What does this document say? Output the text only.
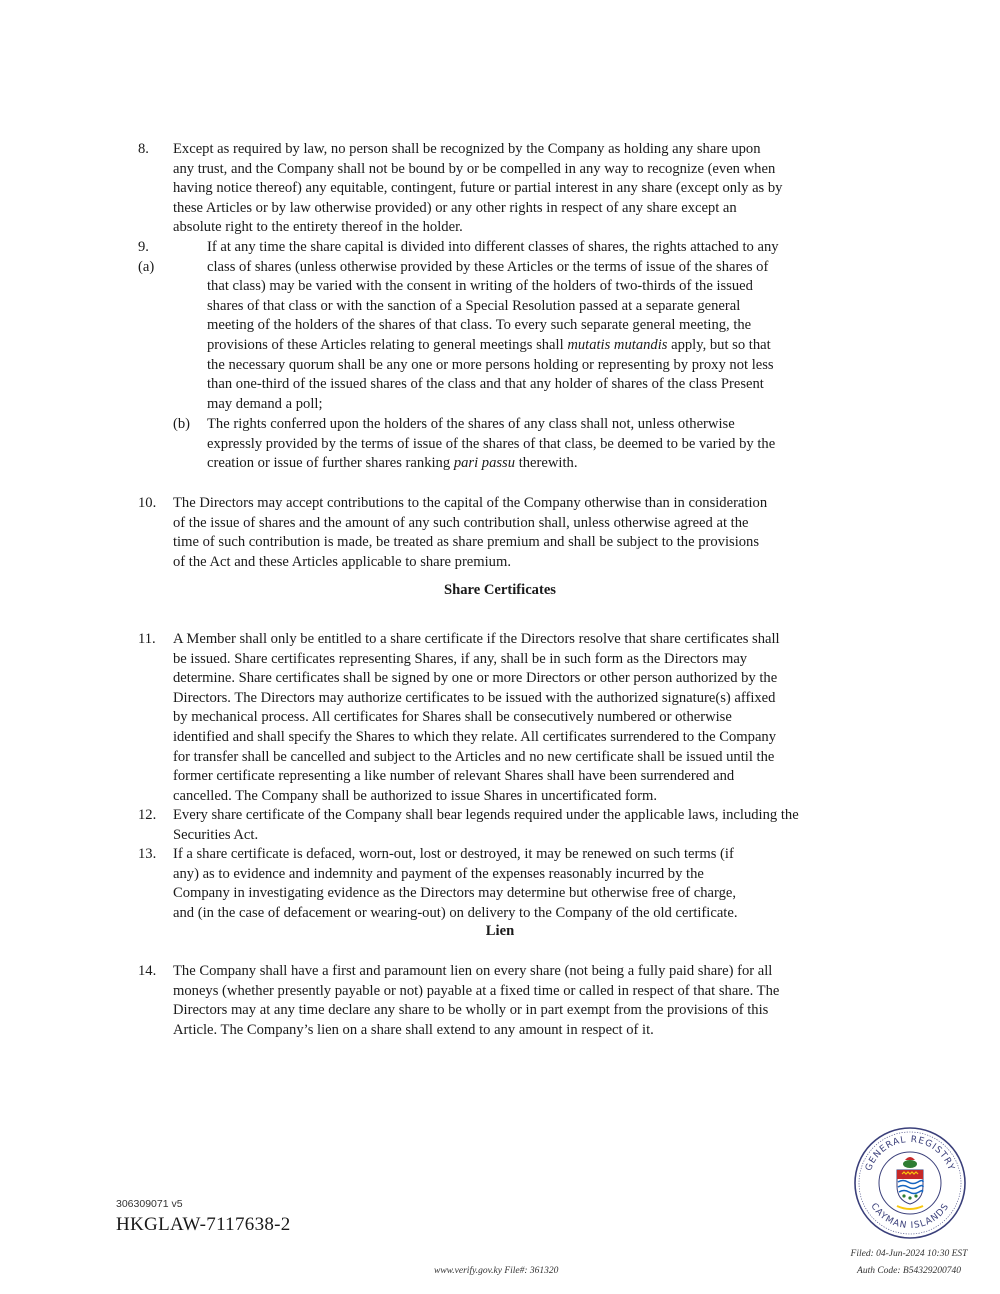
8. Except as required by law, no person shall be recognized by the Company as holding any share upon
any trust, and the Company shall not be bound by or be compelled in any way to recognize (even when
having notice thereof) any equitable, contingent, future or partial interest in any share (except only as by
these Articles or by law otherwise provided) or any other rights in respect of any share except an
absolute right to the entirety thereof in the holder.
9. (a)
If at any time the share capital is divided into different classes of shares, the rights attached to any
class of shares (unless otherwise provided by these Articles or the terms of issue of the shares of
that class) may be varied with the consent in writing of the holders of two-thirds of the issued
shares of that class or with the sanction of a Special Resolution passed at a separate general
meeting of the holders of the shares of that class. To every such separate general meeting, the
provisions of these Articles relating to general meetings shall mutatis mutandis apply, but so that
the necessary quorum shall be any one or more persons holding or representing by proxy not less
than one-third of the issued shares of the class and that any holder of shares of the class Present
may demand a poll;
(b) The rights conferred upon the holders of the shares of any class shall not, unless otherwise
expressly provided by the terms of issue of the shares of that class, be deemed to be varied by the
creation or issue of further shares ranking pari passu therewith.
10. The Directors may accept contributions to the capital of the Company otherwise than in consideration
of the issue of shares and the amount of any such contribution shall, unless otherwise agreed at the
time of such contribution is made, be treated as share premium and shall be subject to the provisions
of the Act and these Articles applicable to share premium.
Share Certificates
11. A Member shall only be entitled to a share certificate if the Directors resolve that share certificates shall
be issued. Share certificates representing Shares, if any, shall be in such form as the Directors may
determine. Share certificates shall be signed by one or more Directors or other person authorized by the
Directors. The Directors may authorize certificates to be issued with the authorized signature(s) affixed
by mechanical process. All certificates for Shares shall be consecutively numbered or otherwise
identified and shall specify the Shares to which they relate. All certificates surrendered to the Company
for transfer shall be cancelled and subject to the Articles and no new certificate shall be issued until the
former certificate representing a like number of relevant Shares shall have been surrendered and
cancelled. The Company shall be authorized to issue Shares in uncertificated form.
12. Every share certificate of the Company shall bear legends required under the applicable laws, including the
Securities Act.
13. If a share certificate is defaced, worn-out, lost or destroyed, it may be renewed on such terms (if
any) as to evidence and indemnity and payment of the expenses reasonably incurred by the
Company in investigating evidence as the Directors may determine but otherwise free of charge,
and (in the case of defacement or wearing-out) on delivery to the Company of the old certificate.
Lien
14. The Company shall have a first and paramount lien on every share (not being a fully paid share) for all
moneys (whether presently payable or not) payable at a fixed time or called in respect of that share. The
Directors may at any time declare any share to be wholly or in part exempt from the provisions of this
Article. The Company’s lien on a share shall extend to any amount in respect of it.
306309071 v5
HKGLAW-7117638-2
GENERAL REGISTRY
CAYMAN ISLANDS
www.verify.gov.ky File#: 361320
Filed: 04-Jun-2024 10:30 EST
Auth Code: B54329200740
